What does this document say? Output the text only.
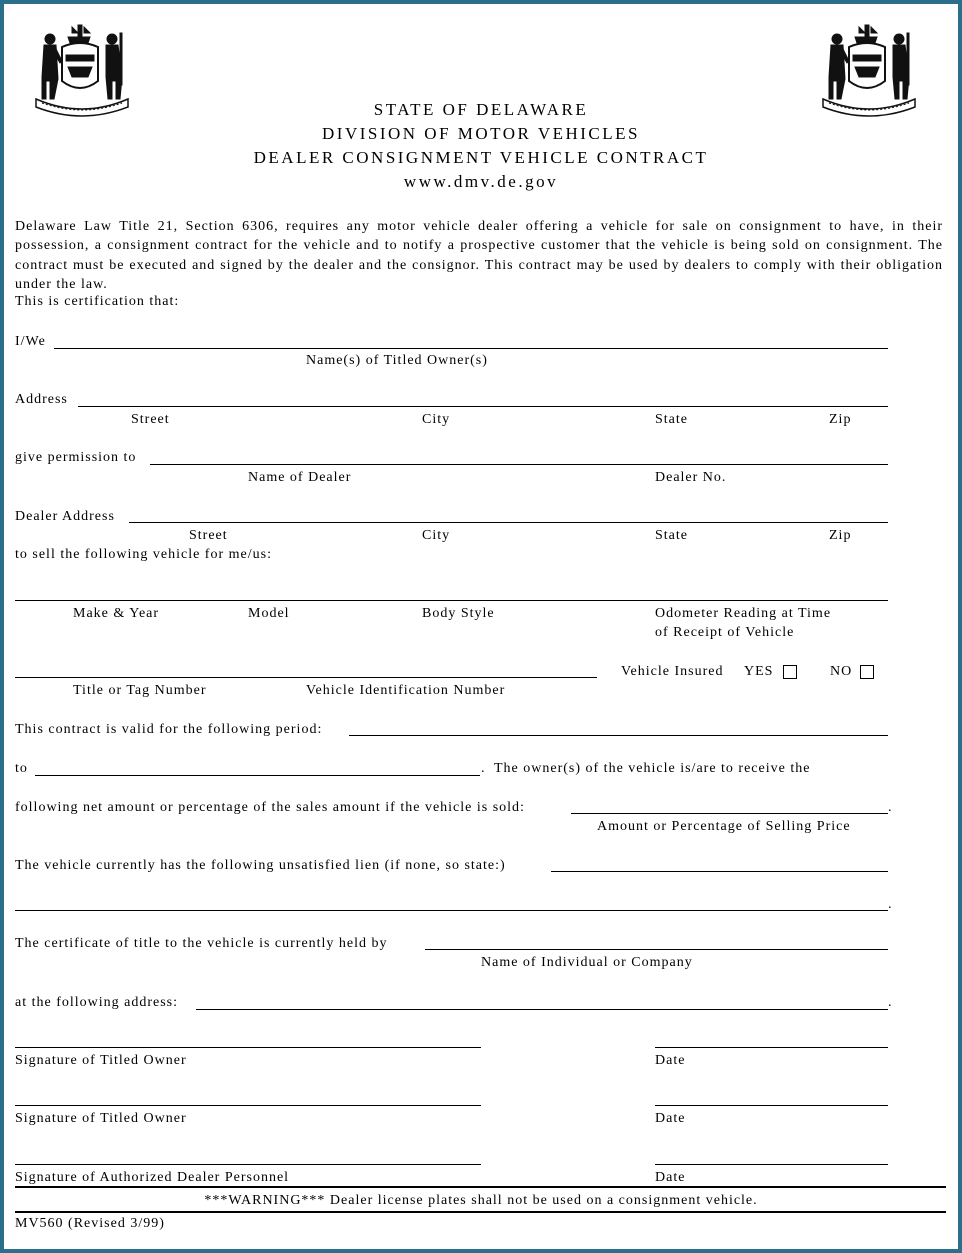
STATE OF DELAWARE
DIVISION OF MOTOR VEHICLES
DEALER CONSIGNMENT VEHICLE CONTRACT
www.dmv.de.gov
Delaware Law Title 21, Section 6306, requires any motor vehicle dealer offering a vehicle for sale on consignment to have, in their possession, a consignment contract for the vehicle and to notify a prospective customer that the vehicle is being sold on consignment. The contract must be executed and signed by the dealer and the consignor. This contract may be used by dealers to comply with their obligation under the law.
This is certification that:
I/We
Name(s) of Titled Owner(s)
Address
Street	City	State	Zip
give permission to
Name of Dealer	Dealer No.
Dealer Address
Street	City	State	Zip
to sell the following vehicle for me/us:
Make & Year	Model	Body Style	Odometer Reading at Time
of Receipt of Vehicle
Vehicle Insured YES	NO
Title or Tag Number	Vehicle Identification Number
This contract is valid for the following period:
to	. The owner(s) of the vehicle is/are to receive the
following net amount or percentage of the sales amount if the vehicle is sold:	.
Amount or Percentage of Selling Price
The vehicle currently has the following unsatisfied lien (if none, so state:)
.
The certificate of title to the vehicle is currently held by
Name of Individual or Company
at the following address:	.
Signature of Titled Owner	Date
Signature of Titled Owner	Date
Signature of Authorized Dealer Personnel	Date
***WARNING*** Dealer license plates shall not be used on a consignment vehicle.
MV560 (Revised 3/99)
